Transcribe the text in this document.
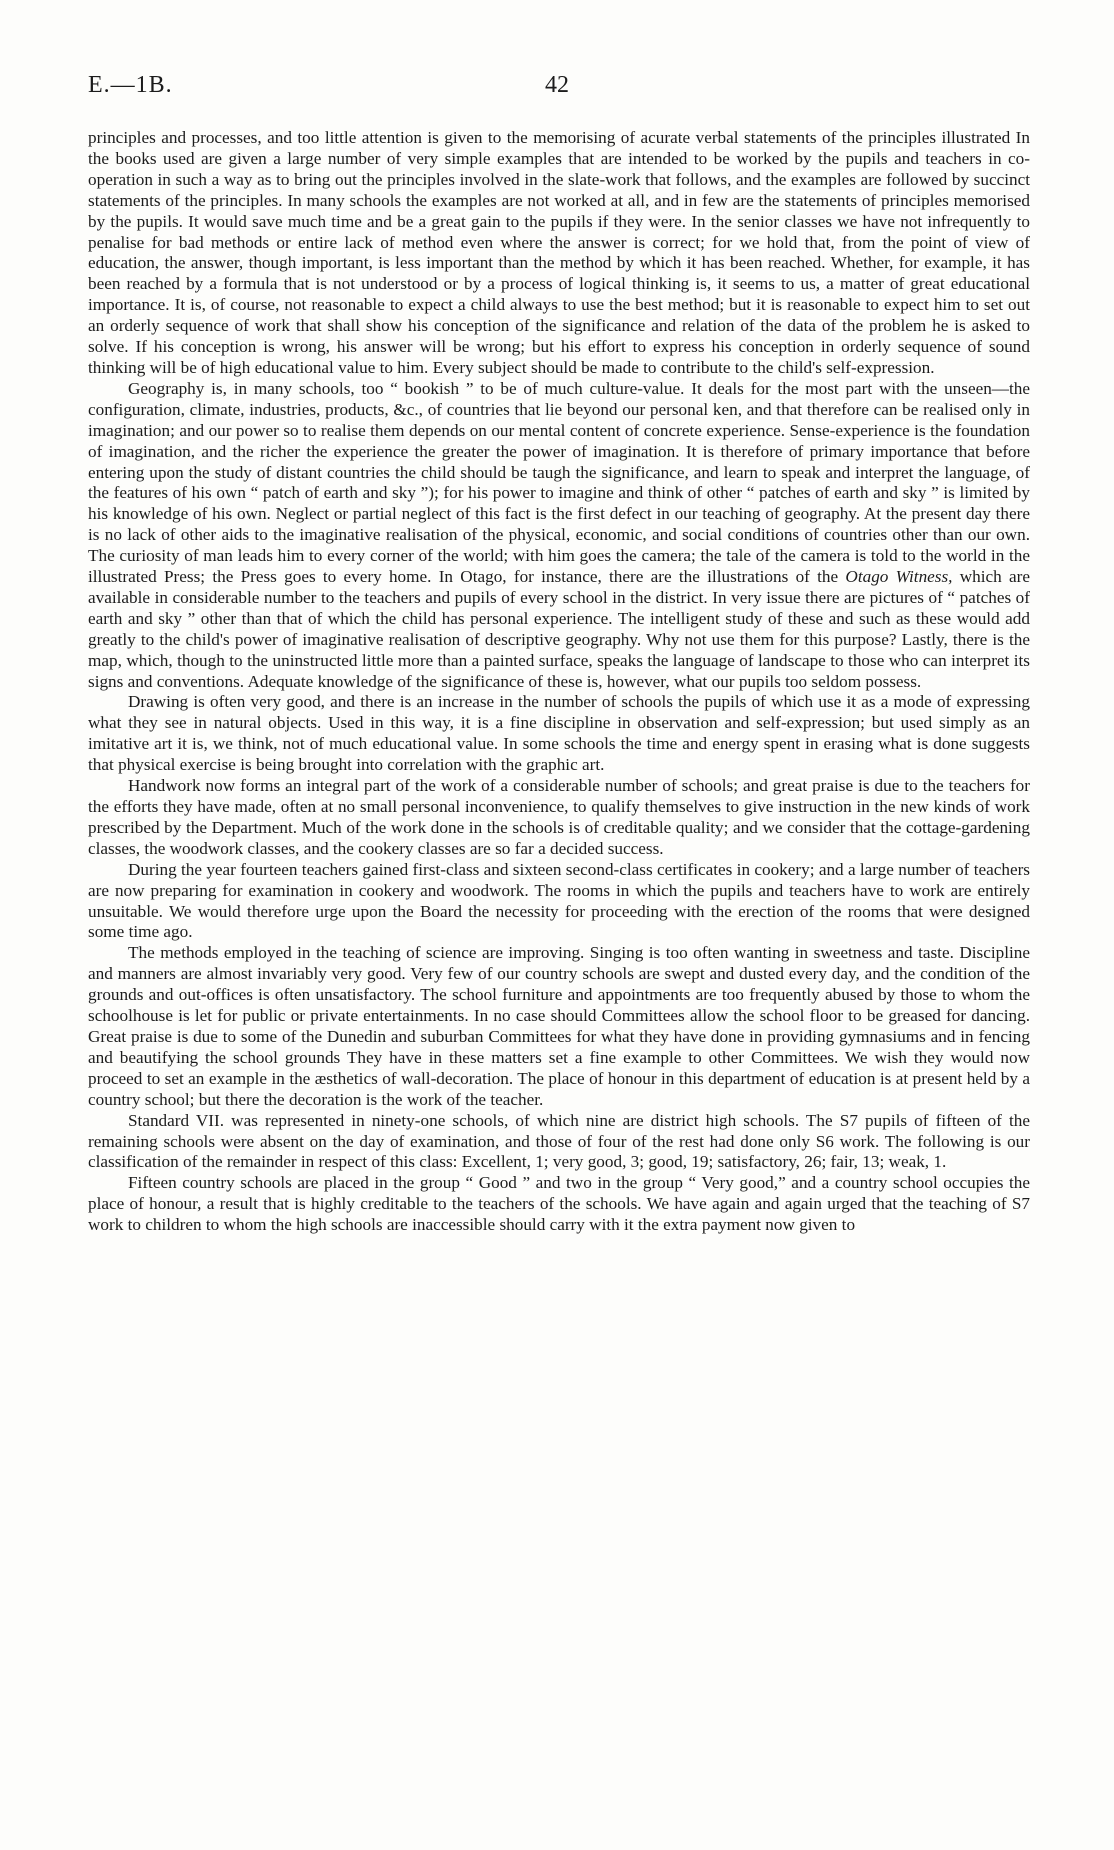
E.—1B.	42

principles and processes, and too little attention is given to the memorising of acurate verbal statements of the principles illustrated In the books used are given a large number of very simple examples that are intended to be worked by the pupils and teachers in co-operation in such a way as to bring out the principles involved in the slate-work that follows, and the examples are followed by succinct statements of the principles. In many schools the examples are not worked at all, and in few are the statements of principles memorised by the pupils. It would save much time and be a great gain to the pupils if they were. In the senior classes we have not infrequently to penalise for bad methods or entire lack of method even where the answer is correct; for we hold that, from the point of view of education, the answer, though important, is less important than the method by which it has been reached. Whether, for example, it has been reached by a formula that is not understood or by a process of logical thinking is, it seems to us, a matter of great educational importance. It is, of course, not reasonable to expect a child always to use the best method; but it is reasonable to expect him to set out an orderly sequence of work that shall show his conception of the significance and relation of the data of the problem he is asked to solve. If his conception is wrong, his answer will be wrong; but his effort to express his conception in orderly sequence of sound thinking will be of high educational value to him. Every subject should be made to contribute to the child's self-expression.

Geography is, in many schools, too “ bookish ” to be of much culture-value. It deals for the most part with the unseen—the configuration, climate, industries, products, &c., of countries that lie beyond our personal ken, and that therefore can be realised only in imagination; and our power so to realise them depends on our mental content of concrete experience. Sense-experience is the foundation of imagination, and the richer the experience the greater the power of imagination. It is therefore of primary importance that before entering upon the study of distant countries the child should be taugh the significance, and learn to speak and interpret the language, of the features of his own “ patch of earth and sky ”); for his power to imagine and think of other “ patches of earth and sky ” is limited by his knowledge of his own. Neglect or partial neglect of this fact is the first defect in our teaching of geography. At the present day there is no lack of other aids to the imaginative realisation of the physical, economic, and social conditions of countries other than our own. The curiosity of man leads him to every corner of the world; with him goes the camera; the tale of the camera is told to the world in the illustrated Press; the Press goes to every home. In Otago, for instance, there are the illustrations of the Otago Witness, which are available in considerable number to the teachers and pupils of every school in the district. In very issue there are pictures of “ patches of earth and sky ” other than that of which the child has personal experience. The intelligent study of these and such as these would add greatly to the child's power of imaginative realisation of descriptive geography. Why not use them for this purpose? Lastly, there is the map, which, though to the uninstructed little more than a painted surface, speaks the language of landscape to those who can interpret its signs and conventions. Adequate knowledge of the significance of these is, however, what our pupils too seldom possess.

Drawing is often very good, and there is an increase in the number of schools the pupils of which use it as a mode of expressing what they see in natural objects. Used in this way, it is a fine discipline in observation and self-expression; but used simply as an imitative art it is, we think, not of much educational value. In some schools the time and energy spent in erasing what is done suggests that physical exercise is being brought into correlation with the graphic art.

Handwork now forms an integral part of the work of a considerable number of schools; and great praise is due to the teachers for the efforts they have made, often at no small personal inconvenience, to qualify themselves to give instruction in the new kinds of work prescribed by the Department. Much of the work done in the schools is of creditable quality; and we consider that the cottage-gardening classes, the woodwork classes, and the cookery classes are so far a decided success.

During the year fourteen teachers gained first-class and sixteen second-class certificates in cookery; and a large number of teachers are now preparing for examination in cookery and woodwork. The rooms in which the pupils and teachers have to work are entirely unsuitable. We would therefore urge upon the Board the necessity for proceeding with the erection of the rooms that were designed some time ago.

The methods employed in the teaching of science are improving. Singing is too often wanting in sweetness and taste. Discipline and manners are almost invariably very good. Very few of our country schools are swept and dusted every day, and the condition of the grounds and out-offices is often unsatisfactory. The school furniture and appointments are too frequently abused by those to whom the schoolhouse is let for public or private entertainments. In no case should Committees allow the school floor to be greased for dancing. Great praise is due to some of the Dunedin and suburban Committees for what they have done in providing gymnasiums and in fencing and beautifying the school grounds They have in these matters set a fine example to other Committees. We wish they would now proceed to set an example in the æsthetics of wall-decoration. The place of honour in this department of education is at present held by a country school; but there the decoration is the work of the teacher.

Standard VII. was represented in ninety-one schools, of which nine are district high schools. The S7 pupils of fifteen of the remaining schools were absent on the day of examination, and those of four of the rest had done only S6 work. The following is our classification of the remainder in respect of this class: Excellent, 1; very good, 3; good, 19; satisfactory, 26; fair, 13; weak, 1.

Fifteen country schools are placed in the group “ Good ” and two in the group “ Very good,” and a country school occupies the place of honour, a result that is highly creditable to the teachers of the schools. We have again and again urged that the teaching of S7 work to children to whom the high schools are inaccessible should carry with it the extra payment now given to
